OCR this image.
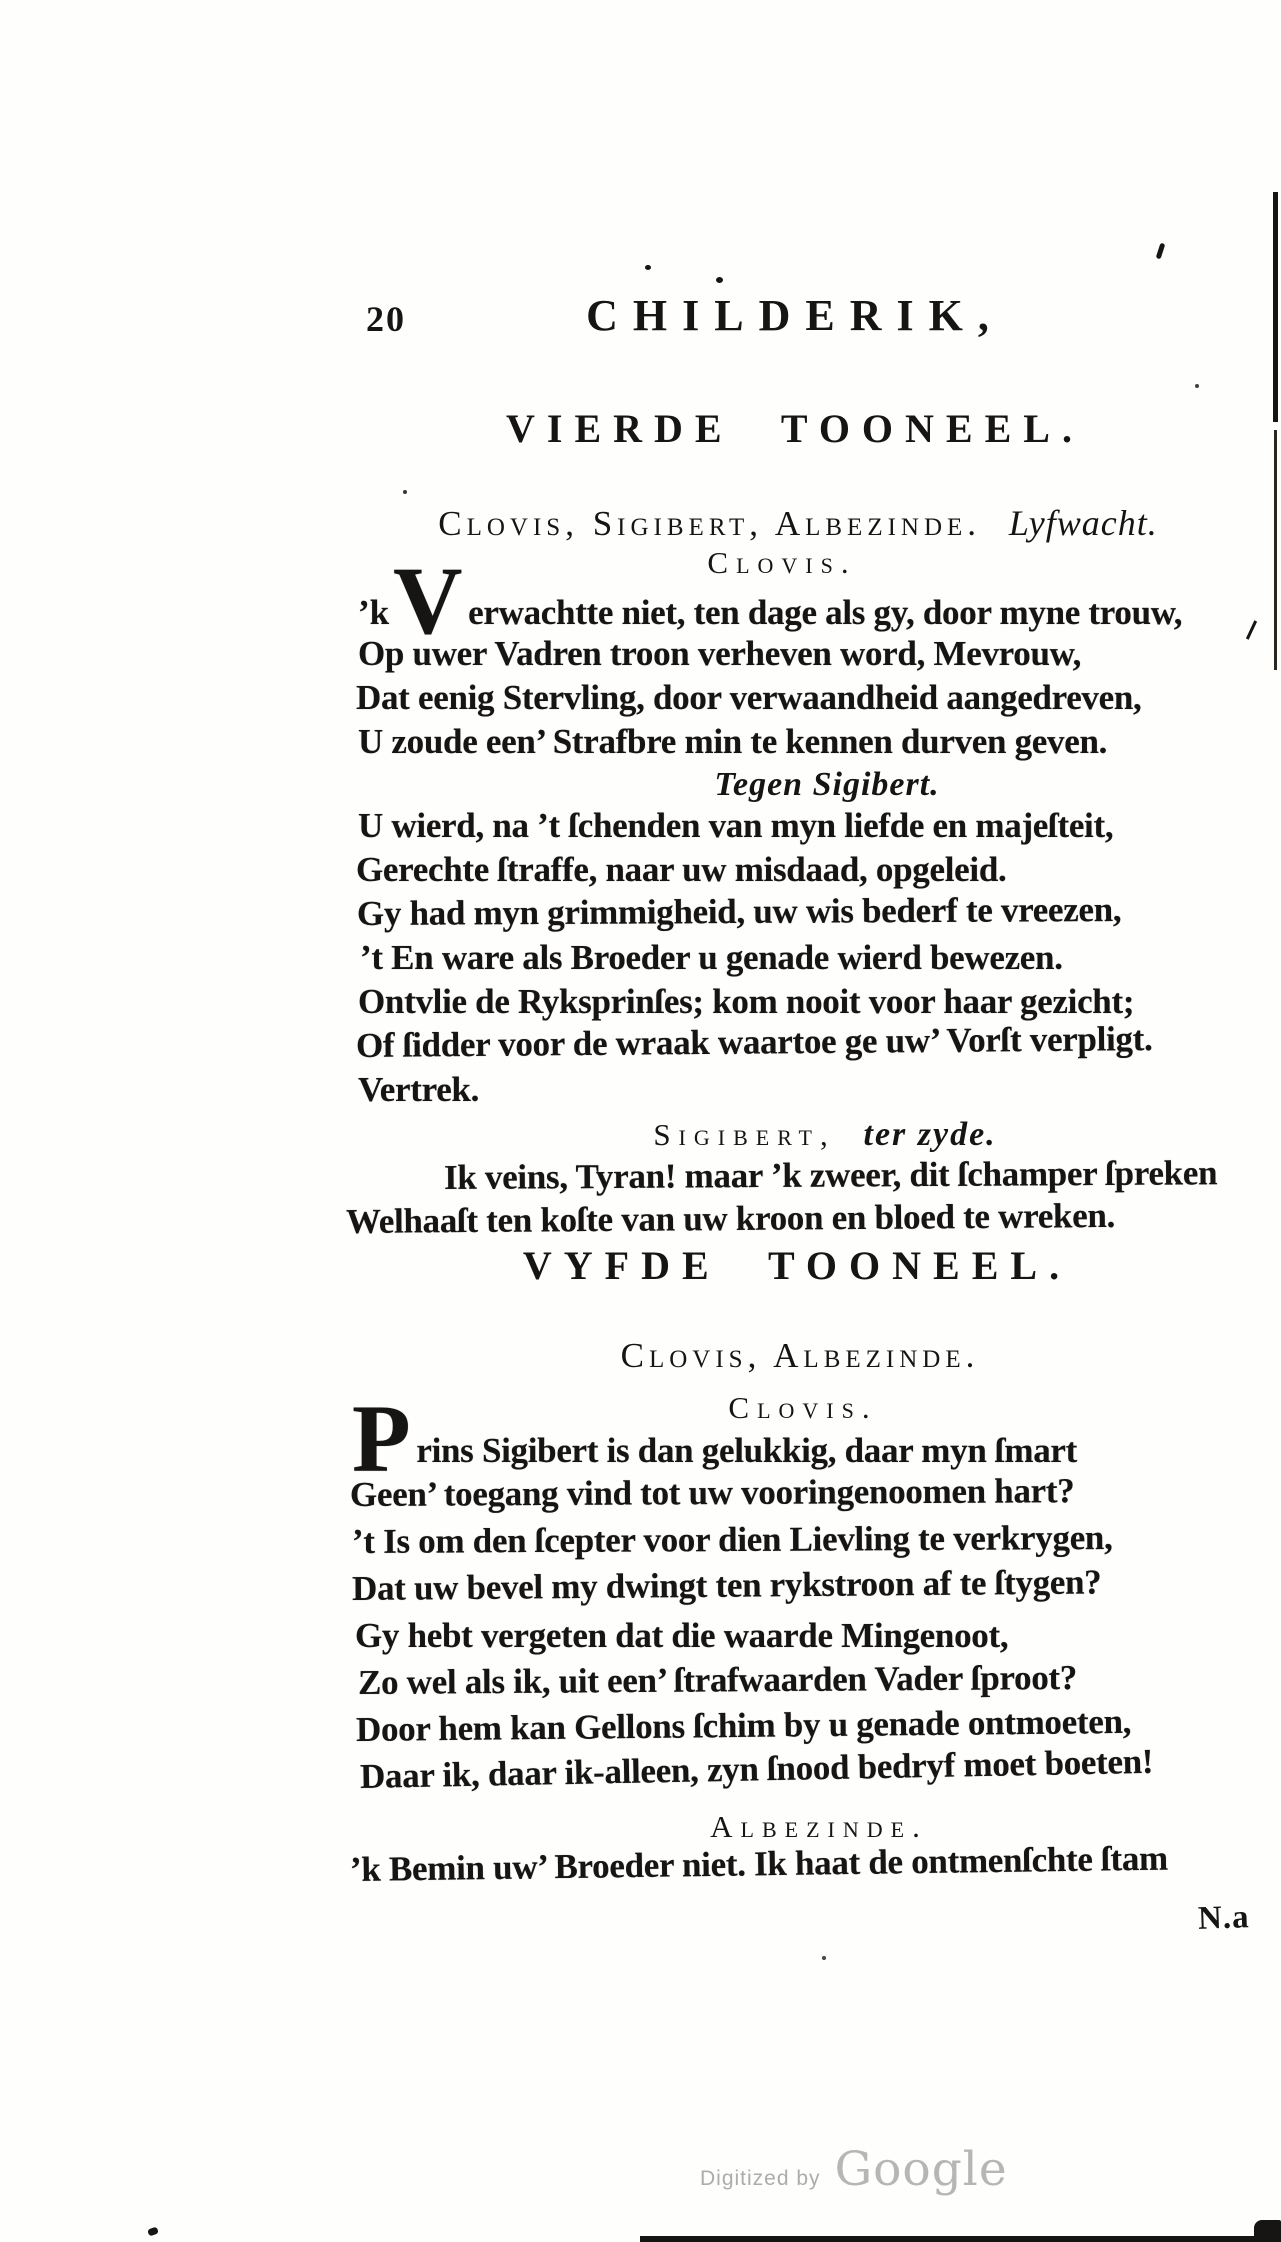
20	CHILDERIK,
VIERDE TOONEEL.
Clovis, Sigibert, Albezinde. Lyfwacht.
Clovis.
’kV erwachtte niet, ten dage als gy, door myne trouw,
Op uwer Vadren troon verheven word, Mevrouw,
Dat eenig Stervling, door verwaandheid aangedreven,
U zoude een’ Strafbre min te kennen durven geven.
Tegen Sigibert.
U wierd, na ’t ſchenden van myn liefde en majeſteit,
Gerechte ſtraffe, naar uw misdaad, opgeleid.
Gy had myn grimmigheid, uw wis bederf te vreezen,
’t En ware als Broeder u genade wierd bewezen.
Ontvlie de Ryksprinſes; kom nooit voor haar gezicht;
Of ſidder voor de wraak waartoe ge uw’ Vorſt verpligt.
Vertrek.
Sigibert, ter zyde.
Ik veins, Tyran! maar ’k zweer, dit ſchamper ſpreken
Welhaaſt ten koſte van uw kroon en bloed te wreken.
VYFDE TOONEEL.
Clovis, Albezinde.
Clovis.
Prins Sigibert is dan gelukkig, daar myn ſmart
Geen’ toegang vind tot uw vooringenoomen hart?
’t Is om den ſcepter voor dien Lievling te verkrygen,
Dat uw bevel my dwingt ten rykstroon af te ſtygen?
Gy hebt vergeten dat die waarde Mingenoot,
Zo wel als ik, uit een’ ſtrafwaarden Vader ſproot?
Door hem kan Gellons ſchim by u genade ontmoeten,
Daar ik, daar ik-alleen, zyn ſnood bedryf moet boeten!
Albezinde.
’k Bemin uw’ Broeder niet. Ik haat de ontmenſchte ſtam
N.a
Digitized by Google
